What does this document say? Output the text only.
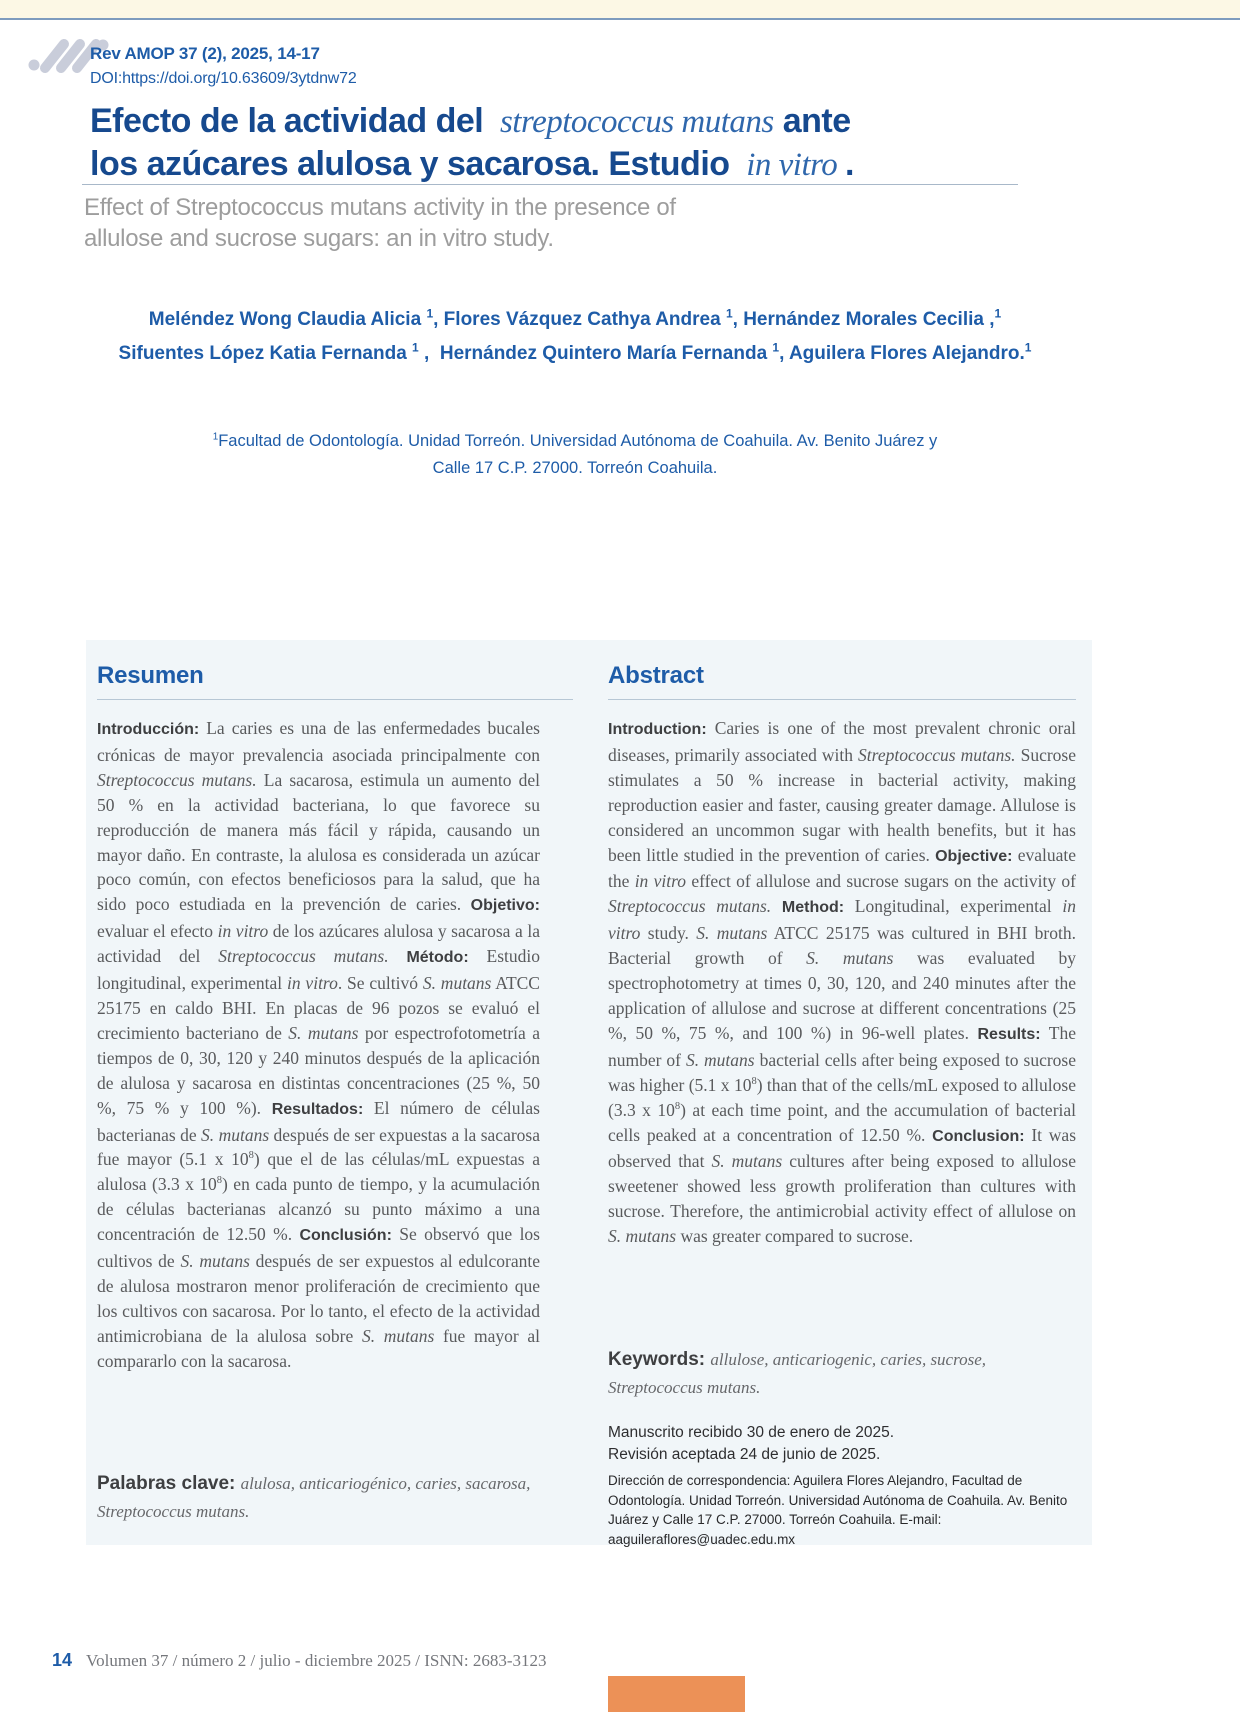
Rev AMOP 37 (2), 2025, 14-17
DOI:https://doi.org/10.63609/3ytdnw72
Efecto de la actividad del  streptococcus mutans ante
los azúcares alulosa y sacarosa. Estudio  in vitro .
Effect of Streptococcus mutans activity in the presence of
allulose and sucrose sugars: an in vitro study.
Meléndez Wong Claudia Alicia $^1$, Flores Vázquez Cathya Andrea $^1$, Hernández Morales Cecilia ,$^1$
Sifuentes López Katia Fernanda $^1$ ,  Hernández Quintero María Fernanda $^1$, Aguilera Flores Alejandro.$^1$
$^1$Facultad de Odontología. Unidad Torreón. Universidad Autónoma de Coahuila. Av. Benito Juárez y
Calle 17 C.P. 27000. Torreón Coahuila.
Resumen

Introducción: La caries es una de las enfermedades bucales crónicas de mayor prevalencia asociada principalmente con Streptococcus mutans. La sacarosa, estimula un aumento del 50 % en la actividad bacteriana, lo que favorece su reproducción de manera más fácil y rápida, causando un mayor daño. En contraste, la alulosa es considerada un azúcar poco común, con efectos beneficiosos para la salud, que ha sido poco estudiada en la prevención de caries. Objetivo: evaluar el efecto in vitro de los azúcares alulosa y sacarosa a la actividad del Streptococcus mutans. Método: Estudio longitudinal, experimental in vitro. Se cultivó S. mutans ATCC 25175 en caldo BHI. En placas de 96 pozos se evaluó el crecimiento bacteriano de S. mutans por espectrofotometría a tiempos de 0, 30, 120 y 240 minutos después de la aplicación de alulosa y sacarosa en distintas concentraciones (25 %, 50 %, 75 % y 100 %). Resultados: El número de células bacterianas de S. mutans después de ser expuestas a la sacarosa fue mayor (5.1 x $10^8$) que el de las células/mL expuestas a alulosa (3.3 x $10^8$) en cada punto de tiempo, y la acumulación de células bacterianas alcanzó su punto máximo a una concentración de 12.50 %. Conclusión: Se observó que los cultivos de S. mutans después de ser expuestos al edulcorante de alulosa mostraron menor proliferación de crecimiento que los cultivos con sacarosa. Por lo tanto, el efecto de la actividad antimicrobiana de la alulosa sobre S. mutans fue mayor al compararlo con la sacarosa.

Palabras clave: alulosa, anticariogénico, caries, sacarosa, Streptococcus mutans.

Abstract

Introduction: Caries is one of the most prevalent chronic oral diseases, primarily associated with Streptococcus mutans. Sucrose stimulates a 50 % increase in bacterial activity, making reproduction easier and faster, causing greater damage. Allulose is considered an uncommon sugar with health benefits, but it has been little studied in the prevention of caries. Objective: evaluate the in vitro effect of allulose and sucrose sugars on the activity of Streptococcus mutans. Method: Longitudinal, experimental in vitro study. S. mutans ATCC 25175 was cultured in BHI broth. Bacterial growth of S. mutans was evaluated by spectrophotometry at times 0, 30, 120, and 240 minutes after the application of allulose and sucrose at different concentrations (25 %, 50 %, 75 %, and 100 %) in 96-well plates. Results: The number of S. mutans bacterial cells after being exposed to sucrose was higher (5.1 x $10^8$) than that of the cells/mL exposed to allulose (3.3 x $10^8$) at each time point, and the accumulation of bacterial cells peaked at a concentration of 12.50 %. Conclusion: It was observed that S. mutans cultures after being exposed to allulose sweetener showed less growth proliferation than cultures with sucrose. Therefore, the antimicrobial activity effect of allulose on S. mutans was greater compared to sucrose.

Keywords: allulose, anticariogenic, caries, sucrose, Streptococcus mutans.

Manuscrito recibido 30 de enero de 2025.
Revisión aceptada 24 de junio de 2025.
Dirección de correspondencia: Aguilera Flores Alejandro, Facultad de Odontología. Unidad Torreón. Universidad Autónoma de Coahuila. Av. Benito Juárez y Calle 17 C.P. 27000. Torreón Coahuila. E-mail: aaguileraflores@uadec.edu.mx
14 Volumen 37 / número 2 / julio - diciembre 2025 / ISNN: 2683-3123
